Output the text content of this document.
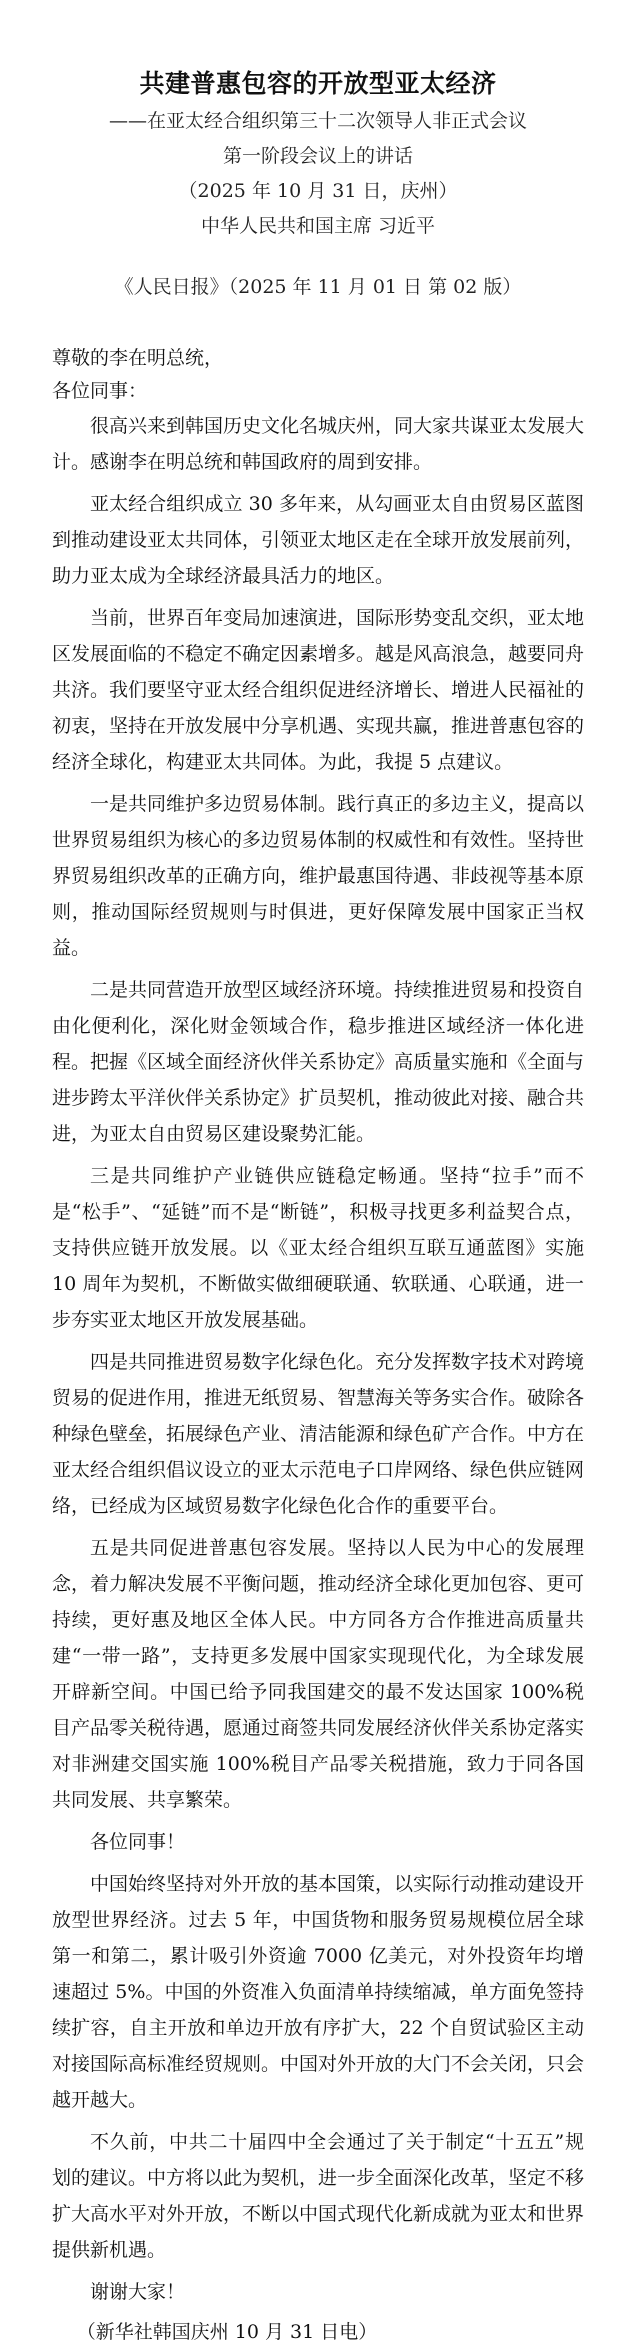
共建普惠包容的开放型亚太经济
——在亚太经合组织第三十二次领导人非正式会议
第一阶段会议上的讲话
（2025 年 10 月 31 日，庆州）
中华人民共和国主席 习近平
《人民日报》（2025 年 11 月 01 日 第 02 版）

尊敬的李在明总统，

各位同事：

很高兴来到韩国历史文化名城庆州，同大家共谋亚太发展大计。感谢李在明总统和韩国政府的周到安排。

亚太经合组织成立 30 多年来，从勾画亚太自由贸易区蓝图到推动建设亚太共同体，引领亚太地区走在全球开放发展前列，助力亚太成为全球经济最具活力的地区。

当前，世界百年变局加速演进，国际形势变乱交织，亚太地区发展面临的不稳定不确定因素增多。越是风高浪急，越要同舟共济。我们要坚守亚太经合组织促进经济增长、增进人民福祉的初衷，坚持在开放发展中分享机遇、实现共赢，推进普惠包容的经济全球化，构建亚太共同体。为此，我提 5 点建议。

一是共同维护多边贸易体制。践行真正的多边主义，提高以世界贸易组织为核心的多边贸易体制的权威性和有效性。坚持世界贸易组织改革的正确方向，维护最惠国待遇、非歧视等基本原则，推动国际经贸规则与时俱进，更好保障发展中国家正当权益。

二是共同营造开放型区域经济环境。持续推进贸易和投资自由化便利化，深化财金领域合作，稳步推进区域经济一体化进程。把握《区域全面经济伙伴关系协定》高质量实施和《全面与进步跨太平洋伙伴关系协定》扩员契机，推动彼此对接、融合共进，为亚太自由贸易区建设聚势汇能。

三是共同维护产业链供应链稳定畅通。坚持“拉手”而不是“松手”、“延链”而不是“断链”，积极寻找更多利益契合点，支持供应链开放发展。以《亚太经合组织互联互通蓝图》实施 10 周年为契机，不断做实做细硬联通、软联通、心联通，进一步夯实亚太地区开放发展基础。

四是共同推进贸易数字化绿色化。充分发挥数字技术对跨境贸易的促进作用，推进无纸贸易、智慧海关等务实合作。破除各种绿色壁垒，拓展绿色产业、清洁能源和绿色矿产合作。中方在亚太经合组织倡议设立的亚太示范电子口岸网络、绿色供应链网络，已经成为区域贸易数字化绿色化合作的重要平台。

五是共同促进普惠包容发展。坚持以人民为中心的发展理念，着力解决发展不平衡问题，推动经济全球化更加包容、更可持续，更好惠及地区全体人民。中方同各方合作推进高质量共建“一带一路”，支持更多发展中国家实现现代化，为全球发展开辟新空间。中国已给予同我国建交的最不发达国家 100%税目产品零关税待遇，愿通过商签共同发展经济伙伴关系协定落实对非洲建交国实施 100%税目产品零关税措施，致力于同各国共同发展、共享繁荣。

各位同事！

中国始终坚持对外开放的基本国策，以实际行动推动建设开放型世界经济。过去 5 年，中国货物和服务贸易规模位居全球第一和第二，累计吸引外资逾 7000 亿美元，对外投资年均增速超过 5%。中国的外资准入负面清单持续缩减，单方面免签持续扩容，自主开放和单边开放有序扩大，22 个自贸试验区主动对接国际高标准经贸规则。中国对外开放的大门不会关闭，只会越开越大。

不久前，中共二十届四中全会通过了关于制定“十五五”规划的建议。中方将以此为契机，进一步全面深化改革，坚定不移扩大高水平对外开放，不断以中国式现代化新成就为亚太和世界提供新机遇。

谢谢大家！

（新华社韩国庆州 10 月 31 日电）
